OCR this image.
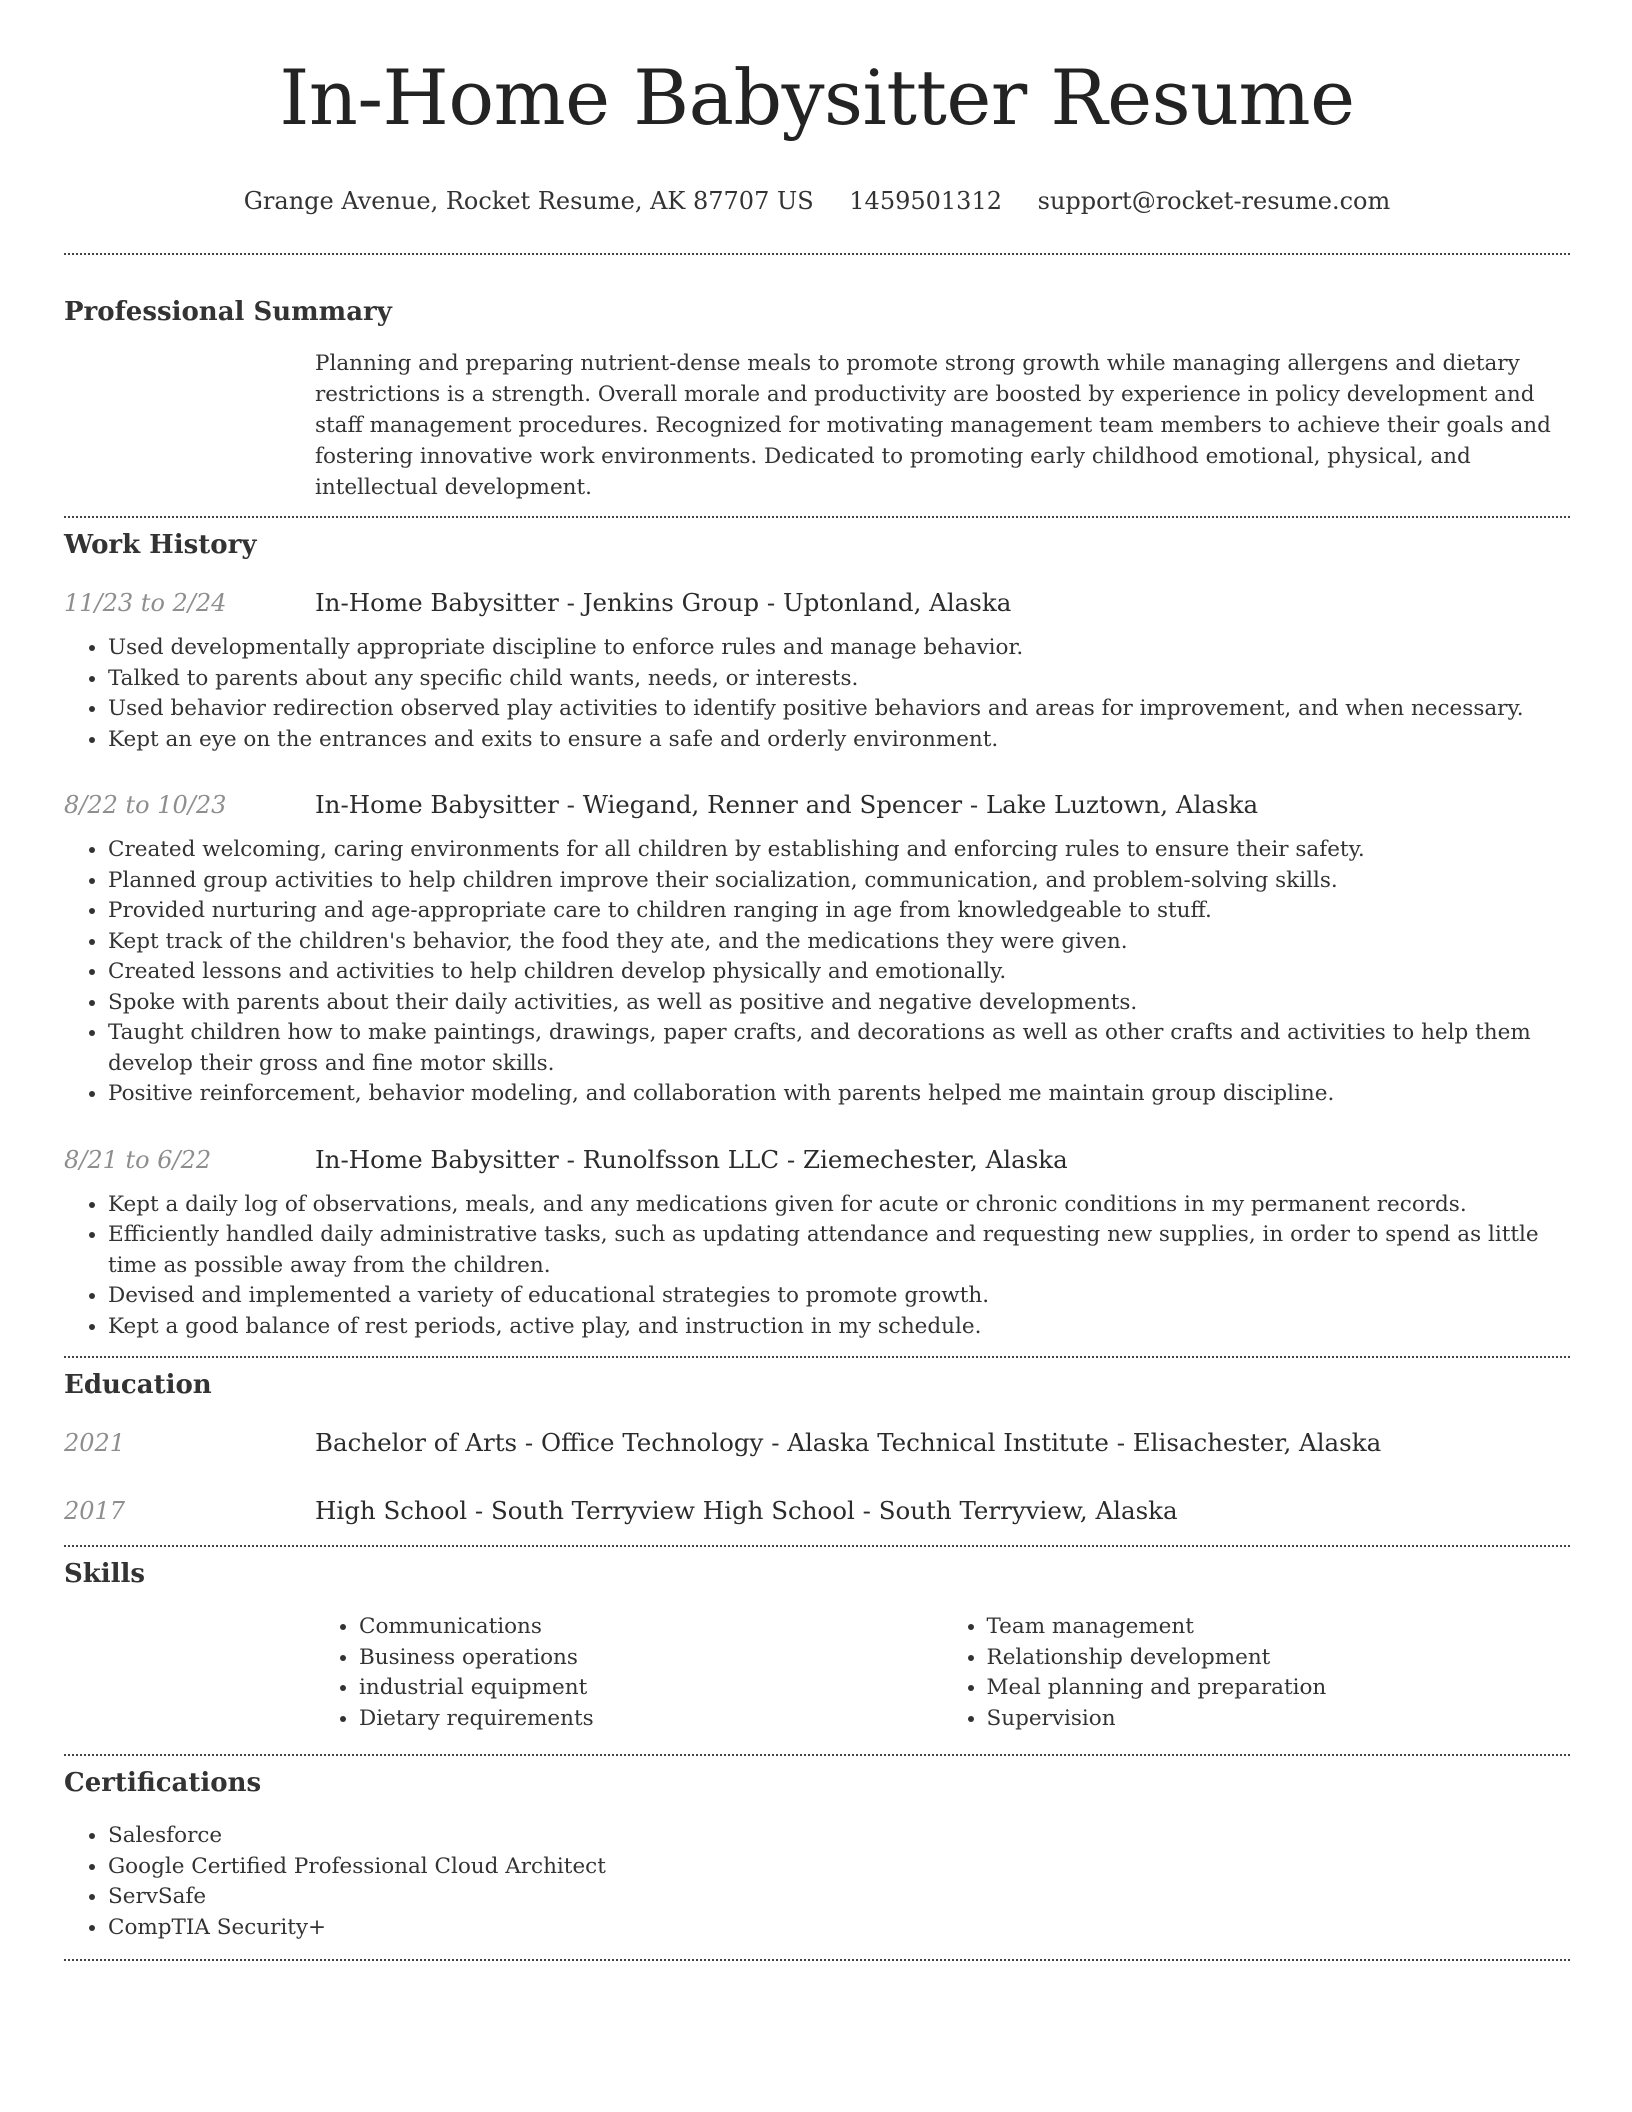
In-Home Babysitter Resume
Grange Avenue, Rocket Resume, AK 87707 US 1459501312 support@rocket-resume.com
Professional Summary
Planning and preparing nutrient-dense meals to promote strong growth while managing allergens and dietary restrictions is a strength. Overall morale and productivity are boosted by experience in policy development and staff management procedures. Recognized for motivating management team members to achieve their goals and fostering innovative work environments. Dedicated to promoting early childhood emotional, physical, and intellectual development.
Work History
11/23 to 2/24	In-Home Babysitter - Jenkins Group - Uptonland, Alaska
• Used developmentally appropriate discipline to enforce rules and manage behavior.
• Talked to parents about any specific child wants, needs, or interests.
• Used behavior redirection observed play activities to identify positive behaviors and areas for improvement, and when necessary.
• Kept an eye on the entrances and exits to ensure a safe and orderly environment.
8/22 to 10/23	In-Home Babysitter - Wiegand, Renner and Spencer - Lake Luztown, Alaska
• Created welcoming, caring environments for all children by establishing and enforcing rules to ensure their safety.
• Planned group activities to help children improve their socialization, communication, and problem-solving skills.
• Provided nurturing and age-appropriate care to children ranging in age from knowledgeable to stuff.
• Kept track of the children's behavior, the food they ate, and the medications they were given.
• Created lessons and activities to help children develop physically and emotionally.
• Spoke with parents about their daily activities, as well as positive and negative developments.
• Taught children how to make paintings, drawings, paper crafts, and decorations as well as other crafts and activities to help them develop their gross and fine motor skills.
• Positive reinforcement, behavior modeling, and collaboration with parents helped me maintain group discipline.
8/21 to 6/22	In-Home Babysitter - Runolfsson LLC - Ziemechester, Alaska
• Kept a daily log of observations, meals, and any medications given for acute or chronic conditions in my permanent records.
• Efficiently handled daily administrative tasks, such as updating attendance and requesting new supplies, in order to spend as little time as possible away from the children.
• Devised and implemented a variety of educational strategies to promote growth.
• Kept a good balance of rest periods, active play, and instruction in my schedule.
Education
2021	Bachelor of Arts - Office Technology - Alaska Technical Institute - Elisachester, Alaska
2017	High School - South Terryview High School - South Terryview, Alaska
Skills
• Communications
• Business operations
• industrial equipment
• Dietary requirements
• Team management
• Relationship development
• Meal planning and preparation
• Supervision
Certifications
• Salesforce
• Google Certified Professional Cloud Architect
• ServSafe
• CompTIA Security+
